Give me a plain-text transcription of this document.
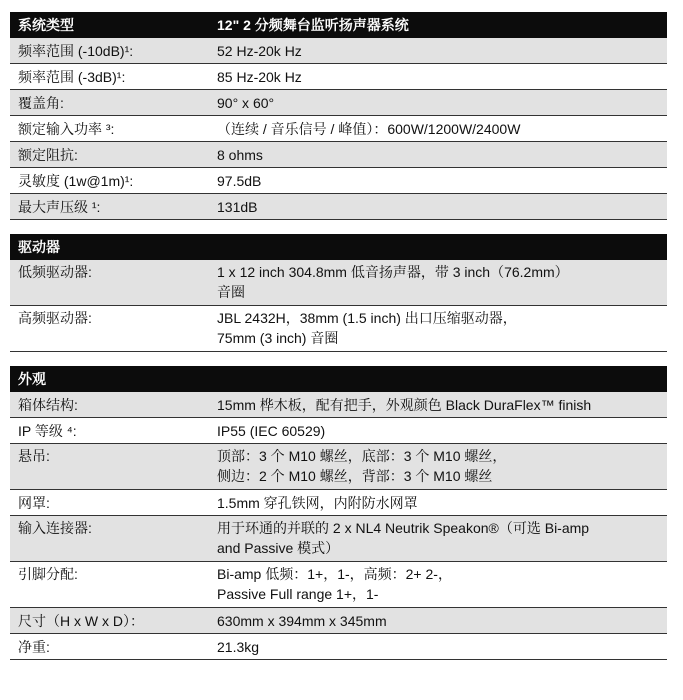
系统类型	12" 2 分频舞台监听扬声器系统
频率范围 (-10dB)¹:	52 Hz-20k Hz
频率范围 (-3dB)¹:	85 Hz-20k Hz
覆盖角:	90° x 60°
额定输入功率 ³:	（连续 / 音乐信号 / 峰值）：600W/1200W/2400W
额定阻抗:	8 ohms
灵敏度 (1w@1m)¹:	97.5dB
最大声压级 ¹:	131dB
驱动器
低频驱动器:	1 x 12 inch 304.8mm 低音扬声器，带 3 inch（76.2mm）
音圈
高频驱动器:	JBL 2432H，38mm (1.5 inch) 出口压缩驱动器，
75mm (3 inch) 音圈
外观
箱体结构:	15mm 桦木板，配有把手，外观颜色 Black DuraFlex™ finish
IP 等级 ⁴:	IP55 (IEC 60529)
悬吊:	顶部：3 个 M10 螺丝，底部：3 个 M10 螺丝，
侧边：2 个 M10 螺丝，背部：3 个 M10 螺丝
网罩:	1.5mm 穿孔铁网，内附防水网罩
输入连接器:	用于环通的并联的 2 x NL4 Neutrik Speakon®（可选 Bi-amp
and Passive 模式）
引脚分配:	Bi-amp 低频：1+，1-，高频：2+ 2-，
Passive Full range 1+，1-
尺寸（H x W x D）：	630mm x 394mm x 345mm
净重:	21.3kg
